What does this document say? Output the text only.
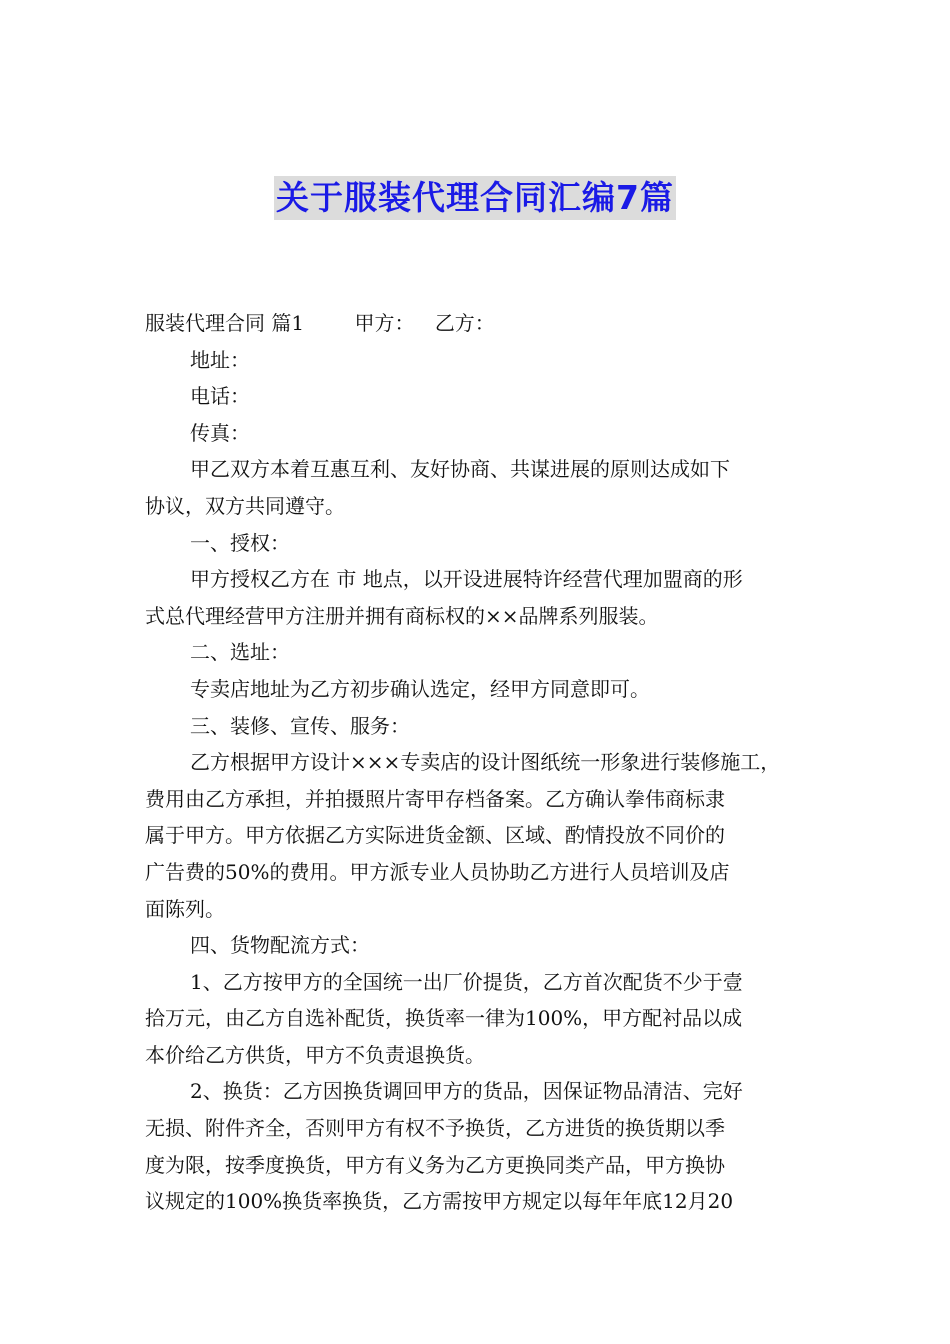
关于服装代理合同汇编7篇
服装代理合同 篇1	甲方： 乙方：
地址：
电话：
传真：
甲乙双方本着互惠互利、友好协商、共谋进展的原则达成如下
协议，双方共同遵守。
一、授权：
甲方授权乙方在 市 地点，以开设进展特许经营代理加盟商的形
式总代理经营甲方注册并拥有商标权的××品牌系列服装。
二、选址：
专卖店地址为乙方初步确认选定，经甲方同意即可。
三、装修、宣传、服务：
乙方根据甲方设计×××专卖店的设计图纸统一形象进行装修施工，
费用由乙方承担，并拍摄照片寄甲存档备案。乙方确认拳伟商标隶
属于甲方。甲方依据乙方实际进货金额、区域、酌情投放不同价的
广告费的50%的费用。甲方派专业人员协助乙方进行人员培训及店
面陈列。
四、货物配流方式：
1、乙方按甲方的全国统一出厂价提货，乙方首次配货不少于壹
拾万元，由乙方自选补配货，换货率一律为100%，甲方配衬品以成
本价给乙方供货，甲方不负责退换货。
2、换货：乙方因换货调回甲方的货品，因保证物品清洁、完好
无损、附件齐全，否则甲方有权不予换货，乙方进货的换货期以季
度为限，按季度换货，甲方有义务为乙方更换同类产品，甲方换协
议规定的100%换货率换货，乙方需按甲方规定以每年年底12月20
